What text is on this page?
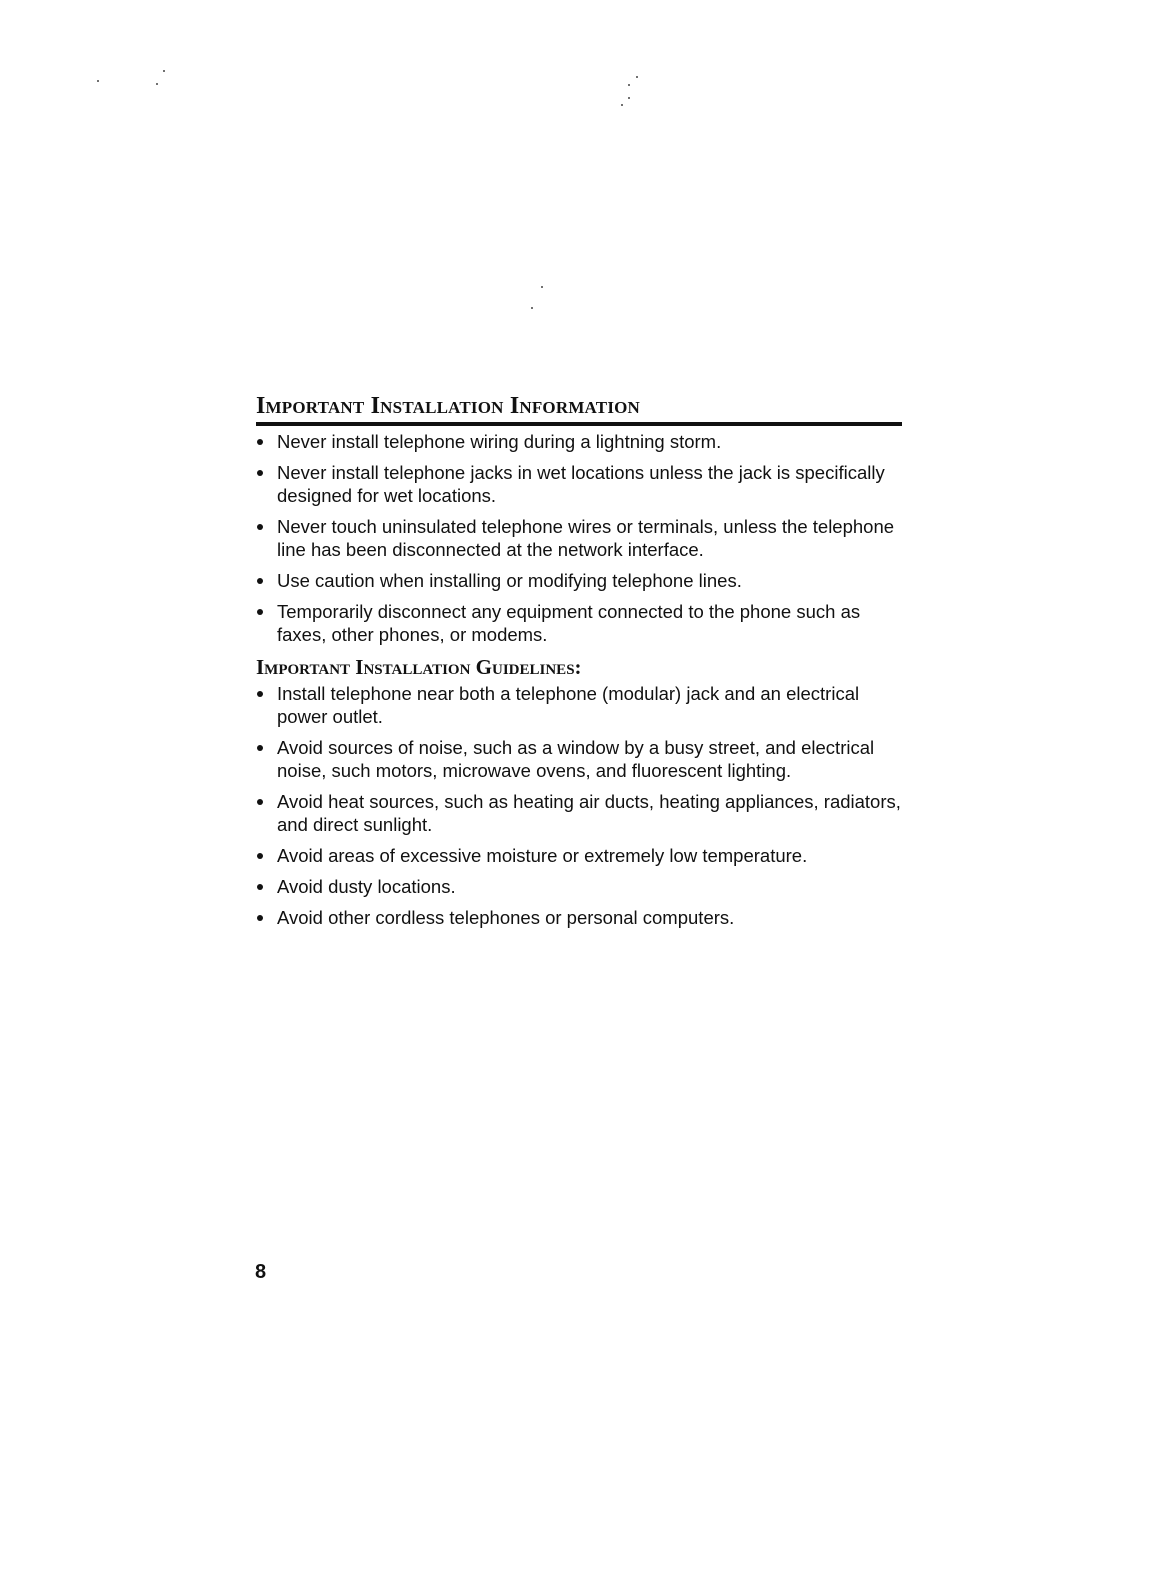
Important Installation Information
Never install telephone wiring during a lightning storm.
Never install telephone jacks in wet locations unless the jack is specifically designed for wet locations.
Never touch uninsulated telephone wires or terminals, unless the telephone line has been disconnected at the network interface.
Use caution when installing or modifying telephone lines.
Temporarily disconnect any equipment connected to the phone such as faxes, other phones, or modems.
Important Installation Guidelines:
Install telephone near both a telephone (modular) jack and an electrical power outlet.
Avoid sources of noise, such as a window by a busy street, and electrical noise, such motors, microwave ovens, and fluorescent lighting.
Avoid heat sources, such as heating air ducts, heating appliances, radiators, and direct sunlight.
Avoid areas of excessive moisture or extremely low temperature.
Avoid dusty locations.
Avoid other cordless telephones or personal computers.
8
